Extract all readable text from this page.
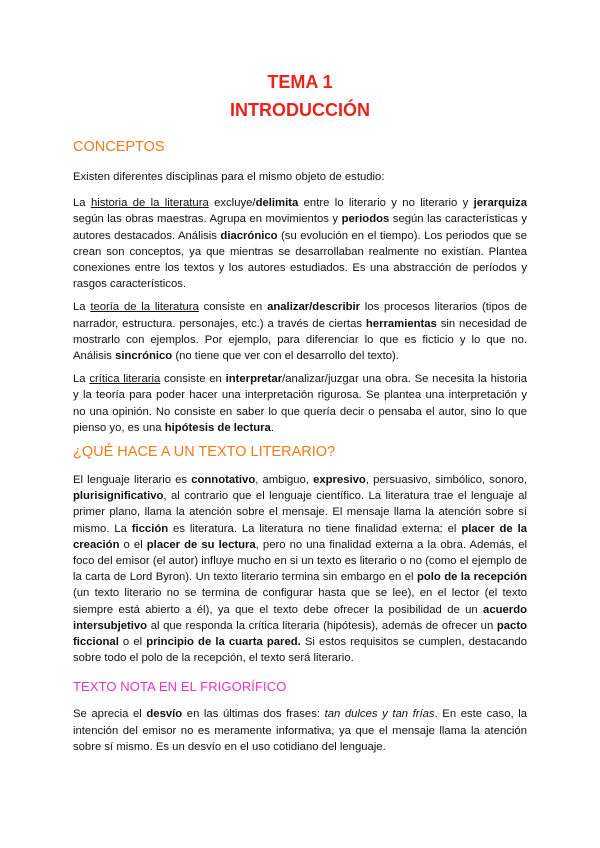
TEMA 1
INTRODUCCIÓN
CONCEPTOS

Existen diferentes disciplinas para el mismo objeto de estudio:

La historia de la literatura excluye/delimita entre lo literario y no literario y jerarquiza según las obras maestras. Agrupa en movimientos y periodos según las características y autores destacados. Análisis diacrónico (su evolución en el tiempo). Los periodos que se crean son conceptos, ya que mientras se desarrollaban realmente no existían. Plantea conexiones entre los textos y los autores estudiados. Es una abstracción de períodos y rasgos característicos.

La teoría de la literatura consiste en analizar/describir los procesos literarios (tipos de narrador, estructura. personajes, etc.) a través de ciertas herramientas sin necesidad de mostrarlo con ejemplos. Por ejemplo, para diferenciar lo que es ficticio y lo que no. Análisis sincrónico (no tiene que ver con el desarrollo del texto).

La crítica literaria consiste en interpretar/analizar/juzgar una obra. Se necesita la historia y la teoría para poder hacer una interpretación rigurosa. Se plantea una interpretación y no una opinión. No consiste en saber lo que quería decir o pensaba el autor, sino lo que pienso yo, es una hipótesis de lectura.

¿QUÉ HACE A UN TEXTO LITERARIO?

El lenguaje literario es connotativo, ambiguo, expresivo, persuasivo, simbólico, sonoro, plurisignificativo, al contrario que el lenguaje científico. La literatura trae el lenguaje al primer plano, llama la atención sobre el mensaje. El mensaje llama la atención sobre sí mismo. La ficción es literatura. La literatura no tiene finalidad externa: el placer de la creación o el placer de su lectura, pero no una finalidad externa a la obra. Además, el foco del emisor (el autor) influye mucho en si un texto es literario o no (como el ejemplo de la carta de Lord Byron). Un texto literario termina sin embargo en el polo de la recepción (un texto literario no se termina de configurar hasta que se lee), en el lector (el texto siempre está abierto a él), ya que el texto debe ofrecer la posibilidad de un acuerdo intersubjetivo al que responda la crítica literaria (hipótesis), además de ofrecer un pacto ficcional o el principio de la cuarta pared. Si estos requisitos se cumplen, destacando sobre todo el polo de la recepción, el texto será literario.

TEXTO NOTA EN EL FRIGORÍFICO

Se aprecia el desvío en las últimas dos frases: tan dulces y tan frías. En este caso, la intención del emisor no es meramente informativa, ya que el mensaje llama la atención sobre sí mismo. Es un desvío en el uso cotidiano del lenguaje.
